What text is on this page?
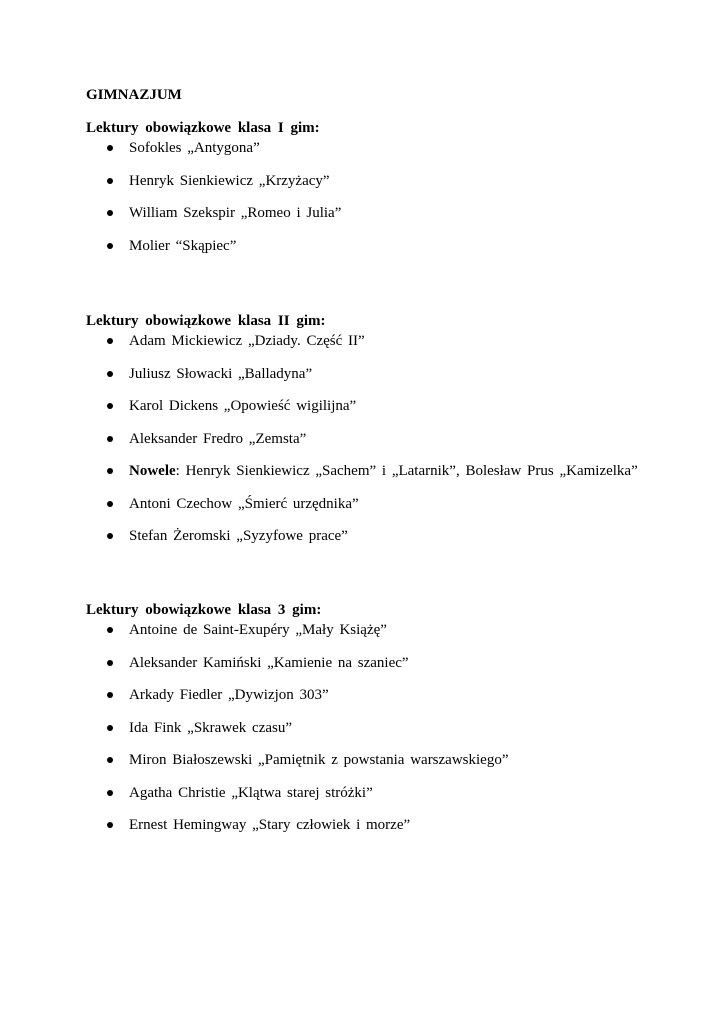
GIMNAZJUM
Lektury obowiązkowe klasa I gim:
Sofokles „Antygona”
Henryk Sienkiewicz „Krzyżacy”
William Szekspir „Romeo i Julia”
Molier “Skąpiec”
Lektury obowiązkowe klasa II gim:
Adam Mickiewicz „Dziady. Część II”
Juliusz Słowacki „Balladyna”
Karol Dickens „Opowieść wigilijna”
Aleksander Fredro „Zemsta”
Nowele: Henryk Sienkiewicz „Sachem” i „Latarnik”, Bolesław Prus „Kamizelka”
Antoni Czechow „Śmierć urzędnika”
Stefan Żeromski „Syzyfowe prace”
Lektury obowiązkowe klasa 3 gim:
Antoine de Saint-Exupéry „Mały Książę”
Aleksander Kamiński „Kamienie na szaniec”
Arkady Fiedler „Dywizjon 303”
Ida Fink „Skrawek czasu”
Miron Białoszewski „Pamiętnik z powstania warszawskiego”
Agatha Christie „Klątwa starej stróżki”
Ernest Hemingway „Stary człowiek i morze”
